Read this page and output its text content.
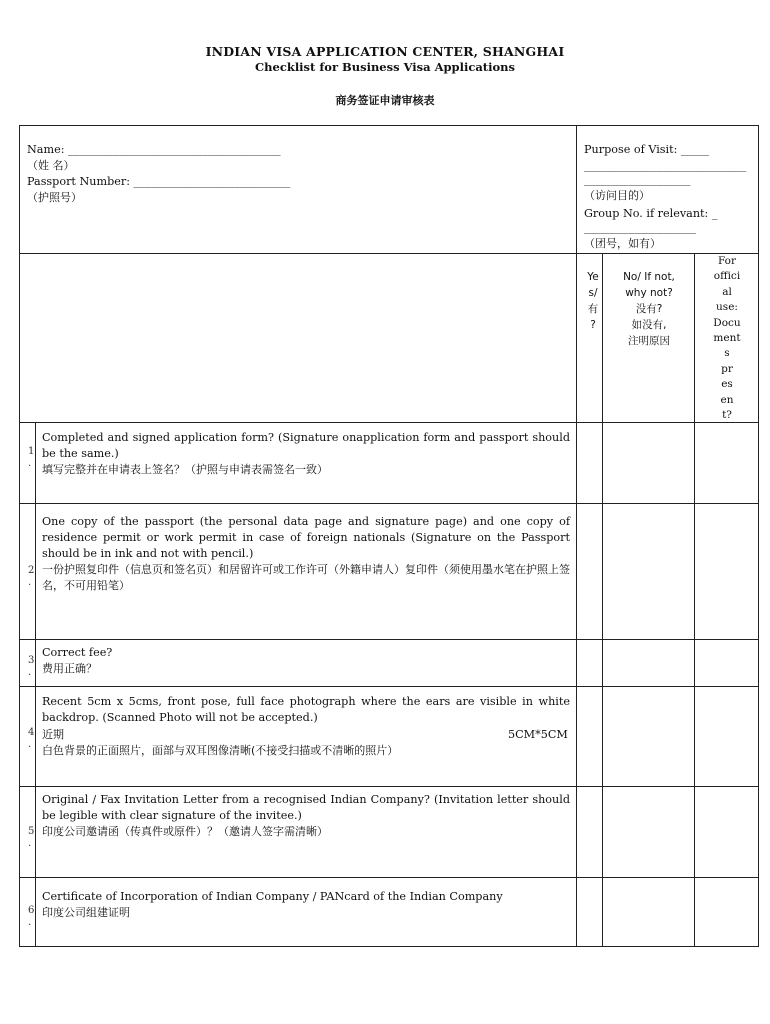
INDIAN VISA APPLICATION CENTER, SHANGHAI
Checklist for Business Visa Applications
商务签证申请审核表
Name: ______________________________________
（姓 名）
Passport Number: ____________________________
（护照号）
Purpose of Visit: _____
_____________________________
___________________
（访问目的）
Group No. if relevant: _
____________________
（团号，如有）
Ye
s/
有
?
No/ If not,
why not?
没有?
如没有,
注明原因
For
offici
al
use:
Docu
ment
s
pr
es
en
t?
1
.
Completed and signed application form? (Signature onapplication form and passport should be the same.)
填写完整并在申请表上签名？（护照与申请表需签名一致）
2
.
One copy of the passport (the personal data page and signature page) and one copy of residence permit or work permit in case of foreign nationals (Signature on the Passport should be in ink and not with pencil.)
一份护照复印件（信息页和签名页）和居留许可或工作许可（外籍申请人）复印件（须使用墨水笔在护照上签名，不可用铅笔）
3
.
Correct fee?
费用正确？
4
.
Recent 5cm x 5cms, front pose, full face photograph where the ears are visible in white backdrop. (Scanned Photo will not be accepted.)
近期	5CM*5CM
白色背景的正面照片，面部与双耳图像清晰(不接受扫描或不清晰的照片）
5
.
Original / Fax Invitation Letter from a recognised Indian Company? (Invitation letter should be legible with clear signature of the invitee.)
印度公司邀请函（传真件或原件）？（邀请人签字需清晰）
6
.
Certificate of Incorporation of Indian Company / PANcard of the Indian Company
印度公司组建证明
